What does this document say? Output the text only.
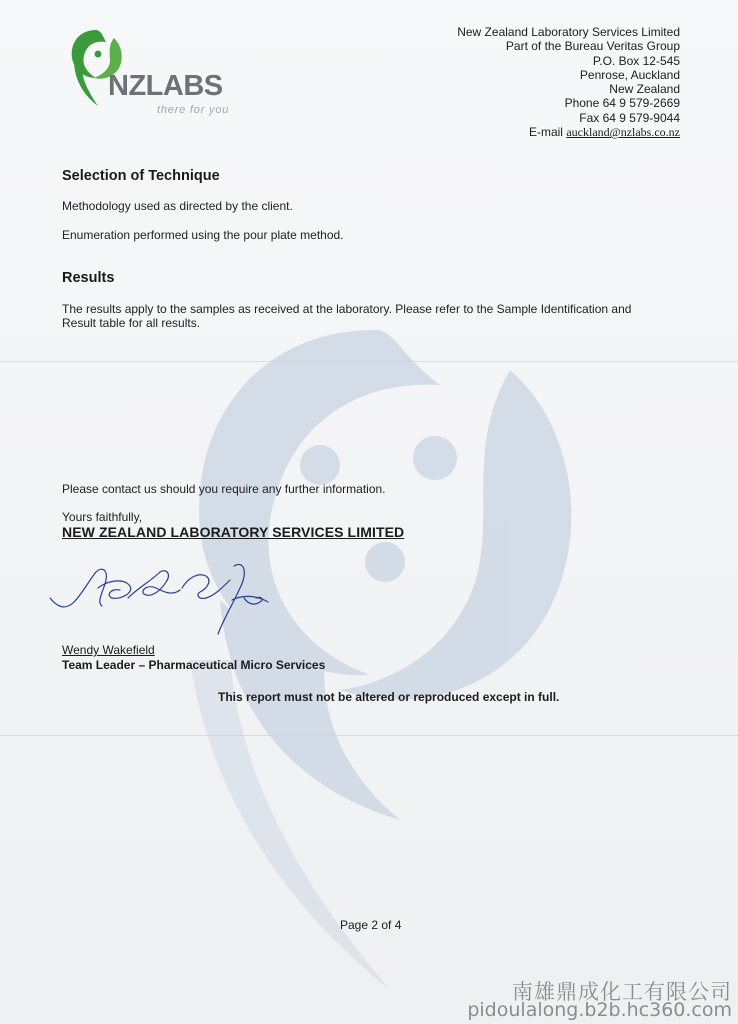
NZLABS
there for you
New Zealand Laboratory Services Limited
Part of the Bureau Veritas Group
P.O. Box 12-545
Penrose, Auckland
New Zealand
Phone 64 9 579-2669
Fax 64 9 579-9044
E-mail auckland@nzlabs.co.nz
Selection of Technique
Methodology used as directed by the client.
Enumeration performed using the pour plate method.
Results
The results apply to the samples as received at the laboratory. Please refer to the Sample Identification and
Result table for all results.
Please contact us should you require any further information.
Yours faithfully,
NEW ZEALAND LABORATORY SERVICES LIMITED
Wendy Wakefield
Team Leader – Pharmaceutical Micro Services
This report must not be altered or reproduced except in full.
Page 2 of 4
南雄鼎成化工有限公司
pidoulalong.b2b.hc360.com
